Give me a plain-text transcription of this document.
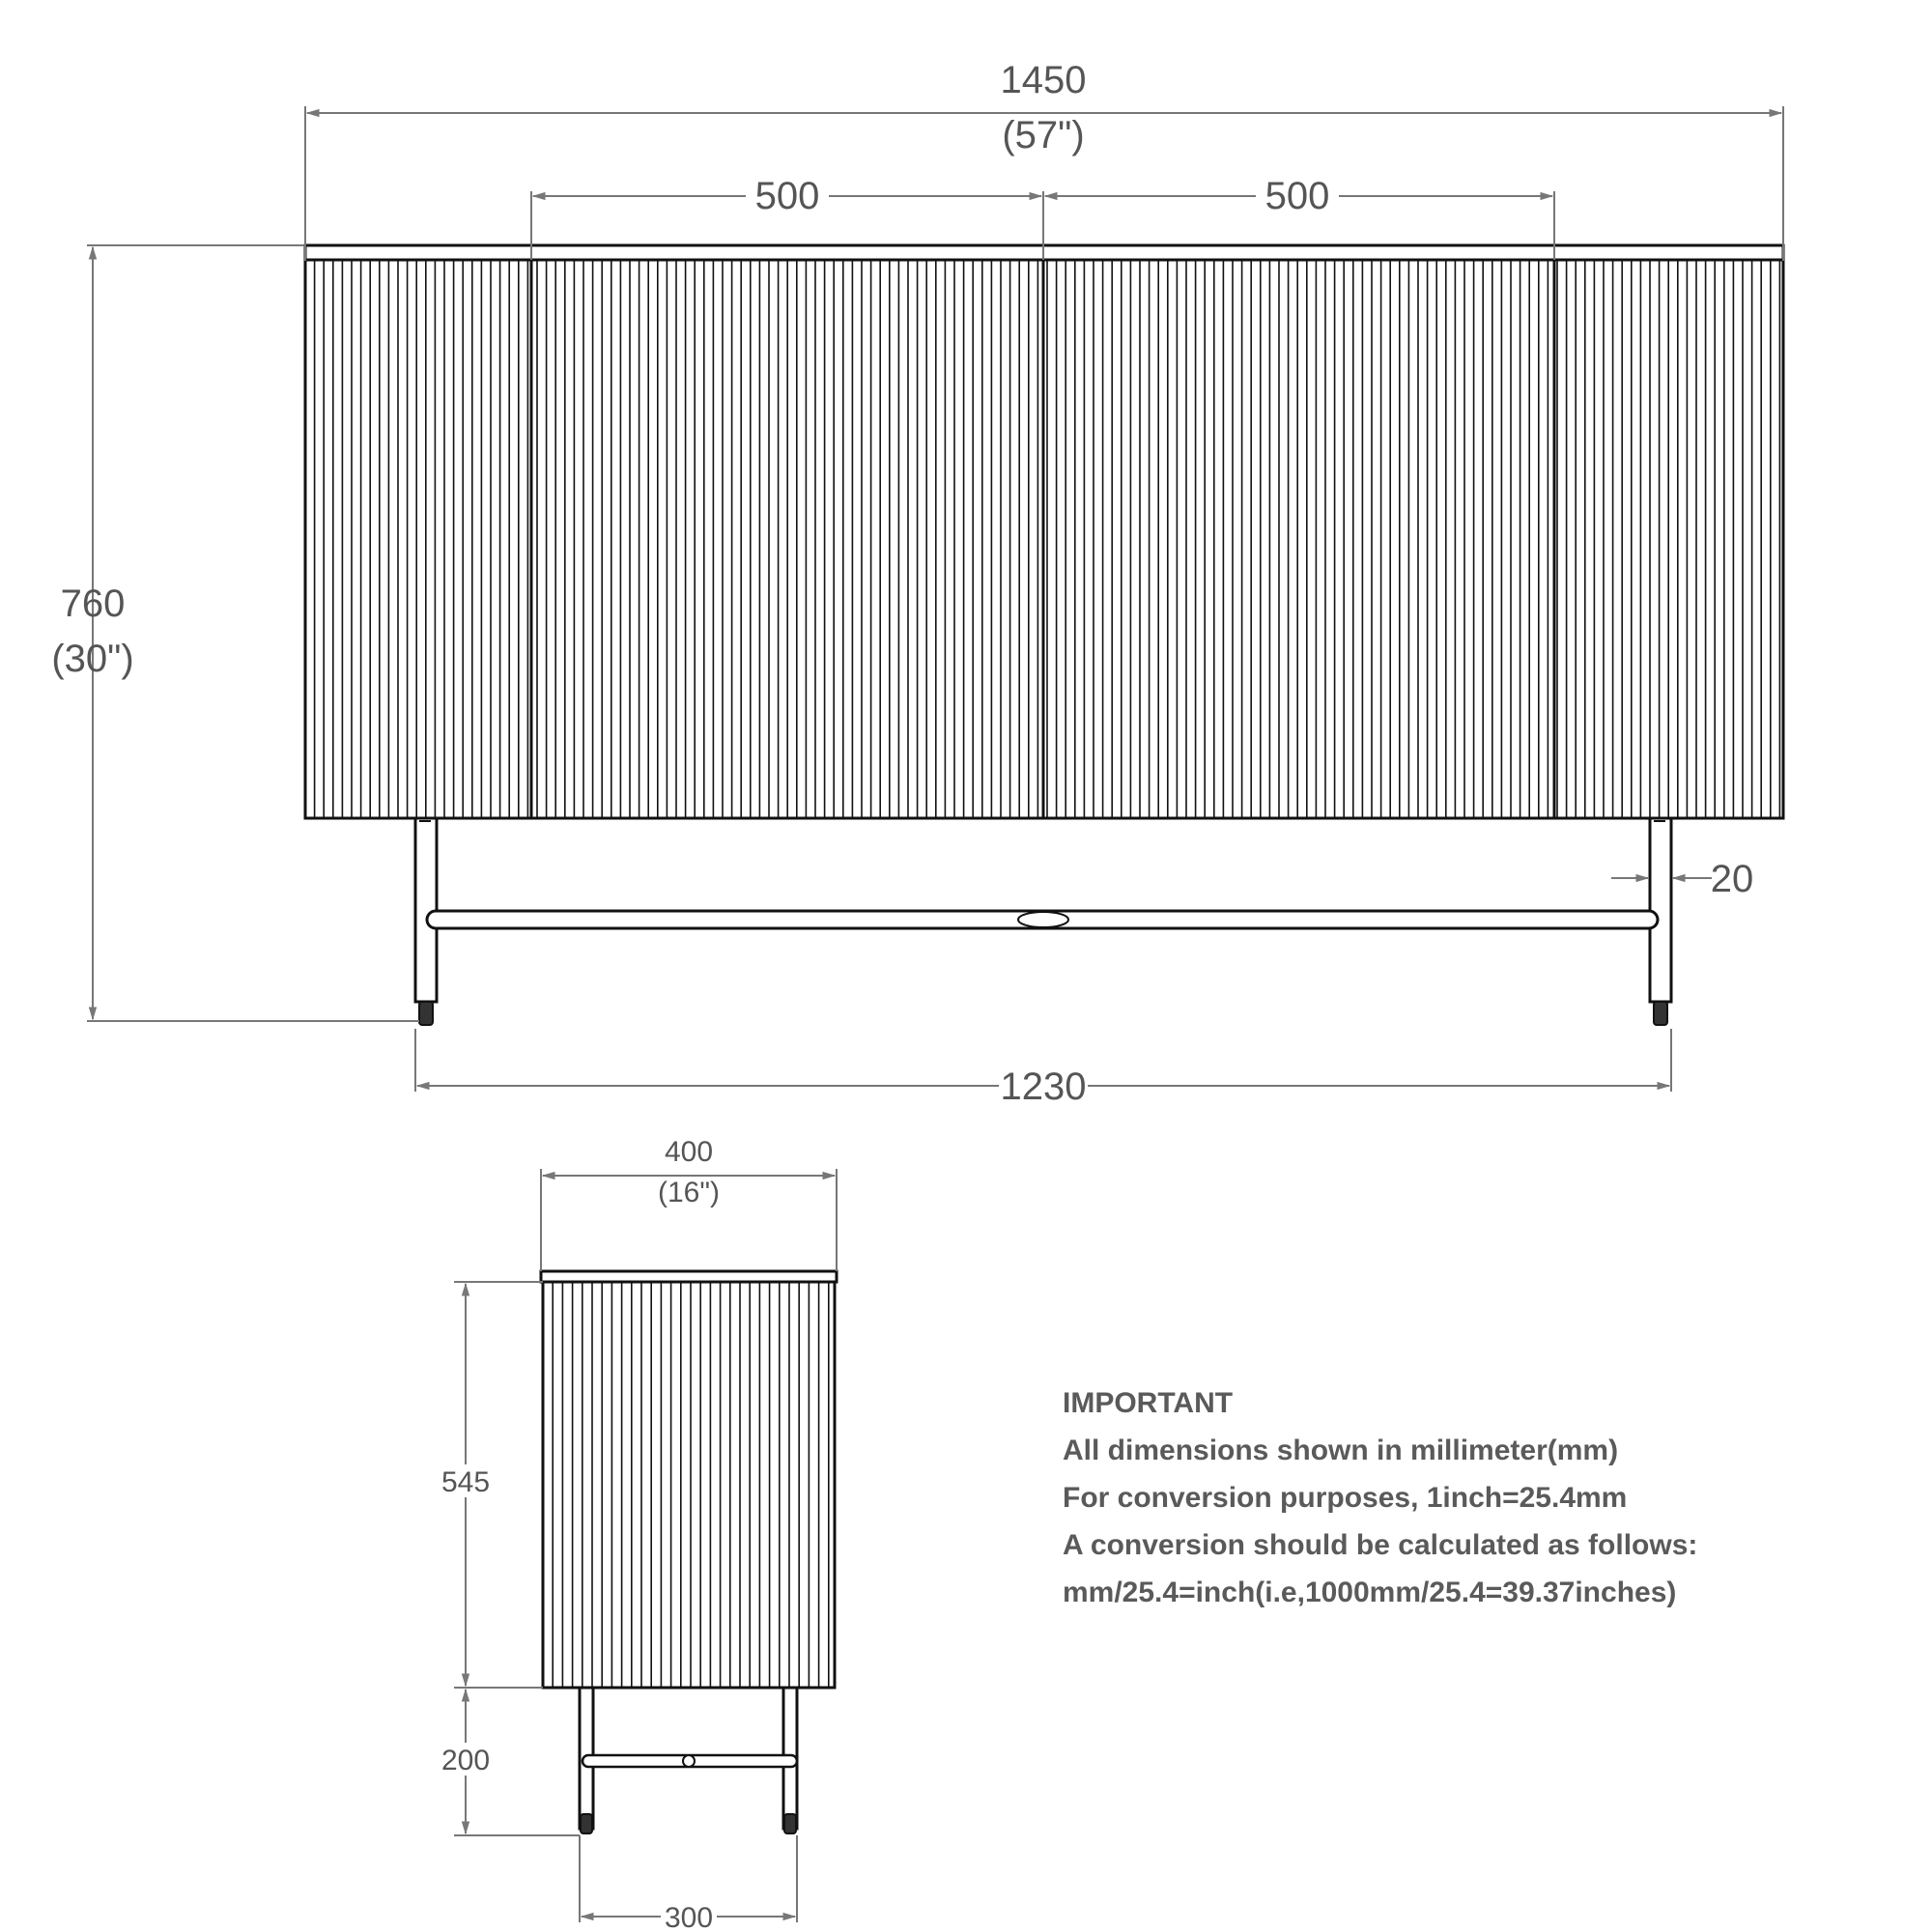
1450
(57")
500	500
760
(30")
20
1230
400
(16")
545
200
300
IMPORTANT
All dimensions shown in millimeter(mm)
For conversion purposes, 1inch=25.4mm
A conversion should be calculated as follows:
mm/25.4=inch(i.e,1000mm/25.4=39.37inches)
